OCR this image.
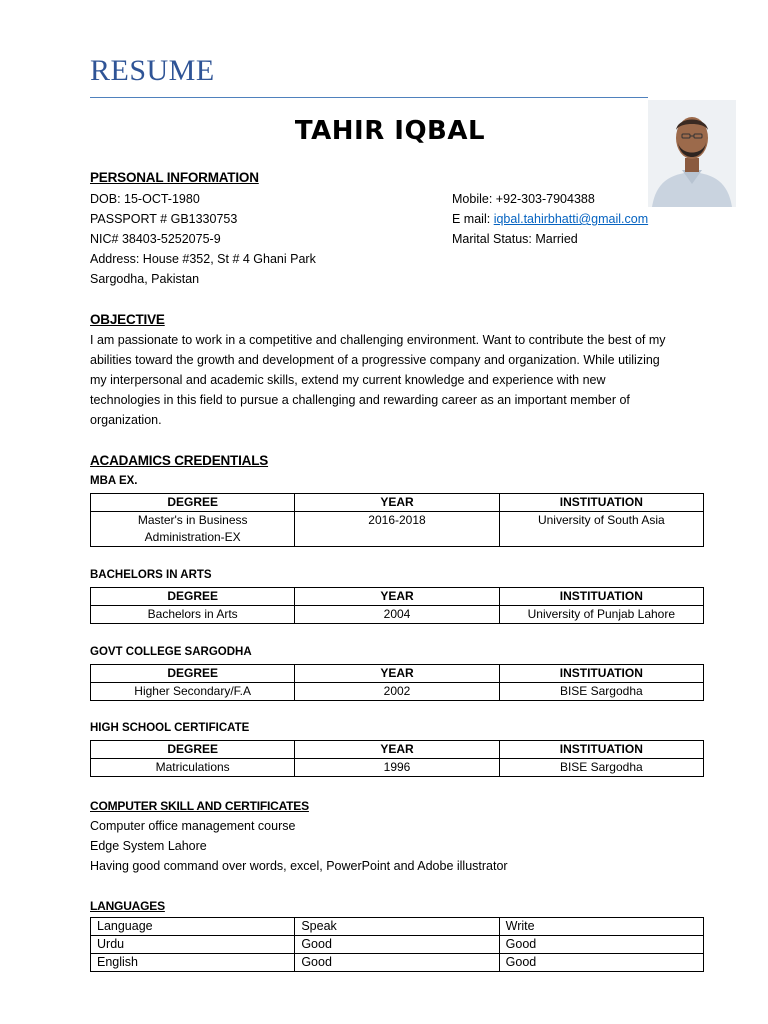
RESUME
TAHIR IQBAL
PERSONAL INFORMATION
DOB: 15-OCT-1980
PASSPORT # GB1330753
NIC# 38403-5252075-9
Address: House #352, St # 4 Ghani Park
Sargodha, Pakistan
Mobile: +92-303-7904388
E mail: iqbal.tahirbhatti@gmail.com
Marital Status: Married
OBJECTIVE
I am passionate to work in a competitive and challenging environment. Want to contribute the best of my
abilities toward the growth and development of a progressive company and organization. While utilizing
my interpersonal and academic skills, extend my current knowledge and experience with new
technologies in this field to pursue a challenging and rewarding career as an important member of
organization.
ACADAMICS CREDENTIALS
MBA EX.
DEGREE	YEAR	INSTITUATION
Master's in Business
Administration-EX	2016-2018	University of South Asia
BACHELORS IN ARTS
DEGREE	YEAR	INSTITUATION
Bachelors in Arts	2004	University of Punjab Lahore
GOVT COLLEGE SARGODHA
DEGREE	YEAR	INSTITUATION
Higher Secondary/F.A	2002	BISE Sargodha
HIGH SCHOOL CERTIFICATE
DEGREE	YEAR	INSTITUATION
Matriculations	1996	BISE Sargodha
COMPUTER SKILL AND CERTIFICATES
Computer office management course
Edge System Lahore
Having good command over words, excel, PowerPoint and Adobe illustrator
LANGUAGES
Language	Speak	Write
Urdu	Good	Good
English	Good	Good
